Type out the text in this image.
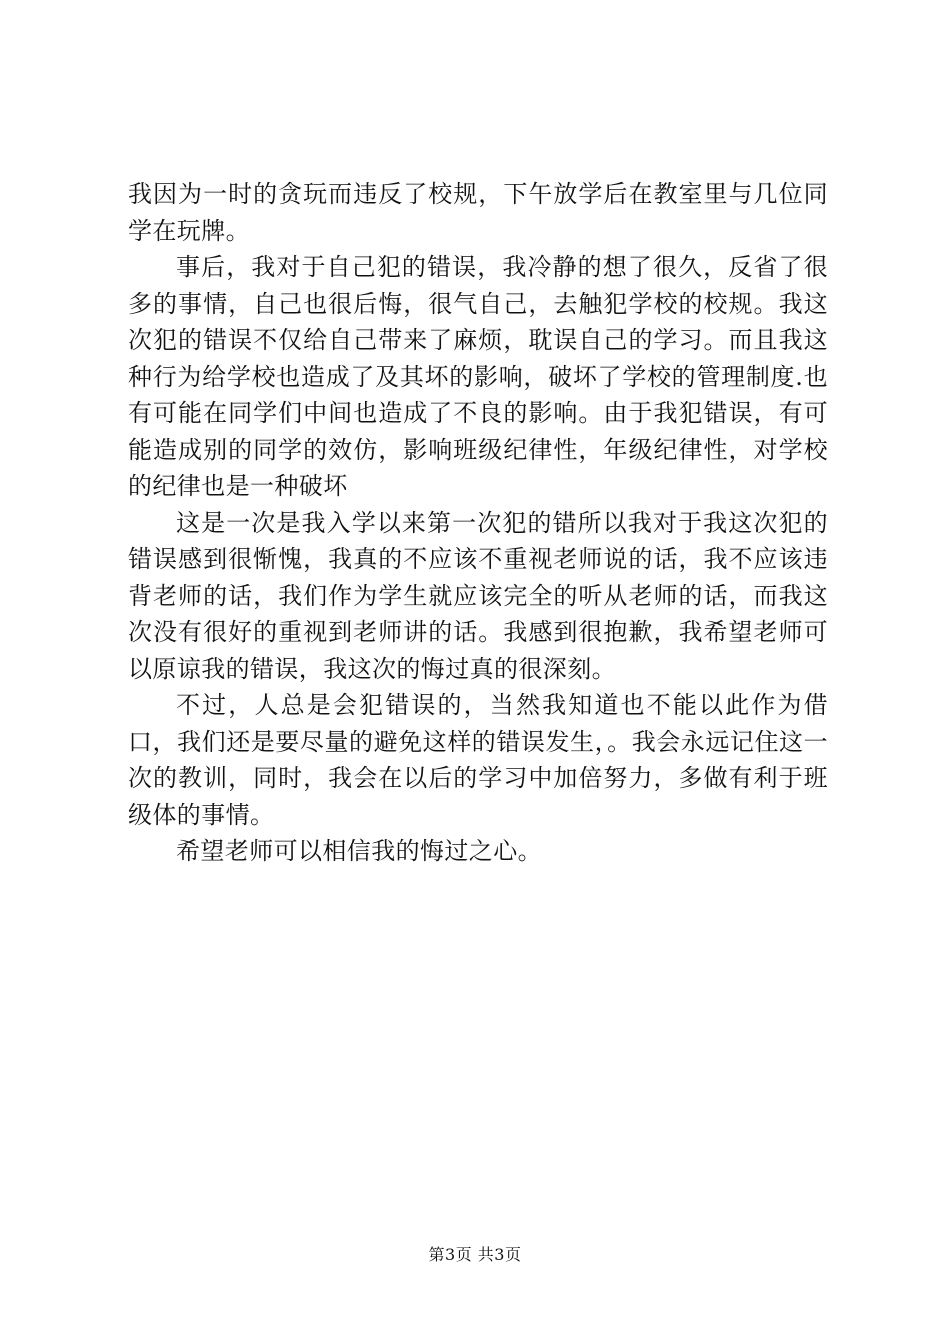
我因为一时的贪玩而违反了校规，下午放学后在教室里与几位同学在玩牌。

事后，我对于自己犯的错误，我冷静的想了很久，反省了很多的事情，自己也很后悔，很气自己，去触犯学校的校规。我这次犯的错误不仅给自己带来了麻烦，耽误自己的学习。而且我这种行为给学校也造成了及其坏的影响，破坏了学校的管理制度.也有可能在同学们中间也造成了不良的影响。由于我犯错误，有可能造成别的同学的效仿，影响班级纪律性，年级纪律性，对学校的纪律也是一种破坏

这是一次是我入学以来第一次犯的错所以我对于我这次犯的错误感到很惭愧，我真的不应该不重视老师说的话，我不应该违背老师的话，我们作为学生就应该完全的听从老师的话，而我这次没有很好的重视到老师讲的话。我感到很抱歉，我希望老师可以原谅我的错误，我这次的悔过真的很深刻。

不过，人总是会犯错误的，当然我知道也不能以此作为借口，我们还是要尽量的避免这样的错误发生，。我会永远记住这一次的教训，同时，我会在以后的学习中加倍努力，多做有利于班级体的事情。

希望老师可以相信我的悔过之心。

第3页 共3页
